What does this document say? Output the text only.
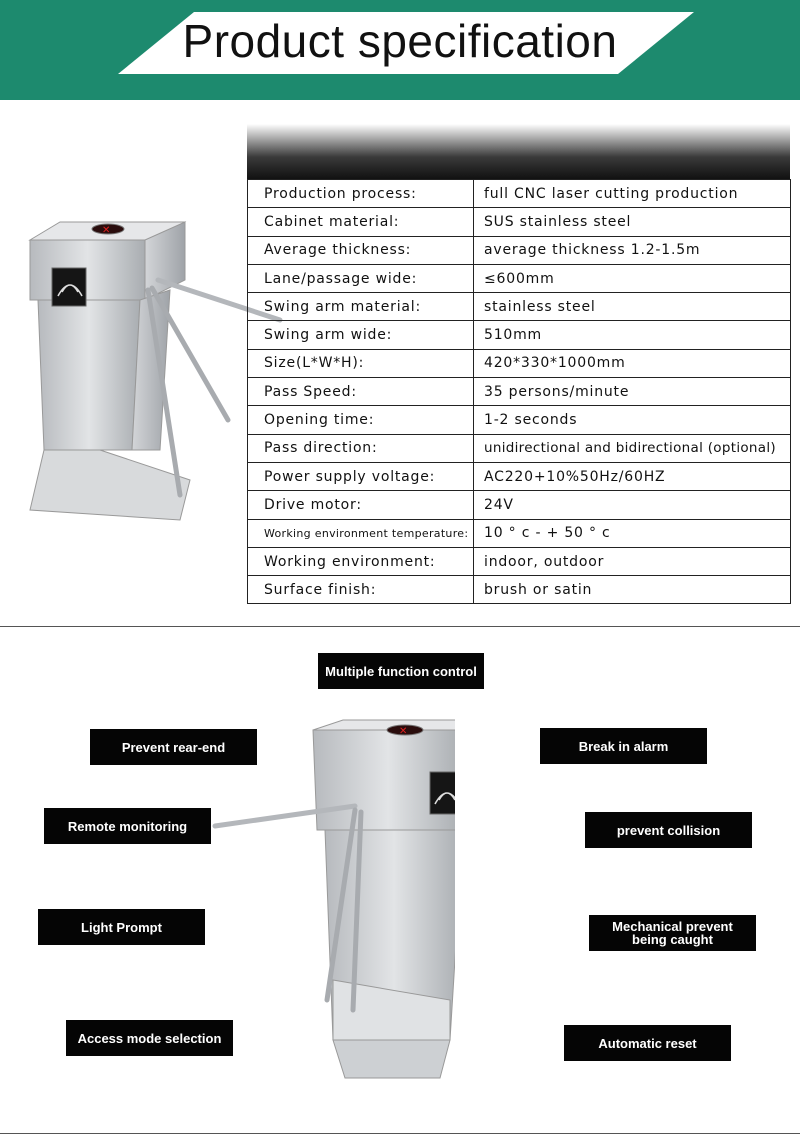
Product specification
✕
Production process:	full CNC laser cutting production
Cabinet material:	SUS stainless steel
Average thickness:	average thickness 1.2-1.5m
Lane/passage wide:	≤600mm
Swing arm material:	stainless steel
Swing arm wide:	510mm
Size(L*W*H):	420*330*1000mm
Pass Speed:	35 persons/minute
Opening time:	1-2 seconds
Pass direction:	unidirectional and bidirectional (optional)
Power supply voltage:	AC220+10%50Hz/60HZ
Drive motor:	24V
Working environment temperature:	10 ° c - + 50 ° c
Working environment:	indoor, outdoor
Surface finish:	brush or satin
✕
Multiple function control
Prevent rear-end	Break in alarm
Remote monitoring	prevent collision
Light Prompt	Mechanical prevent being caught
Access mode selection	Automatic reset
